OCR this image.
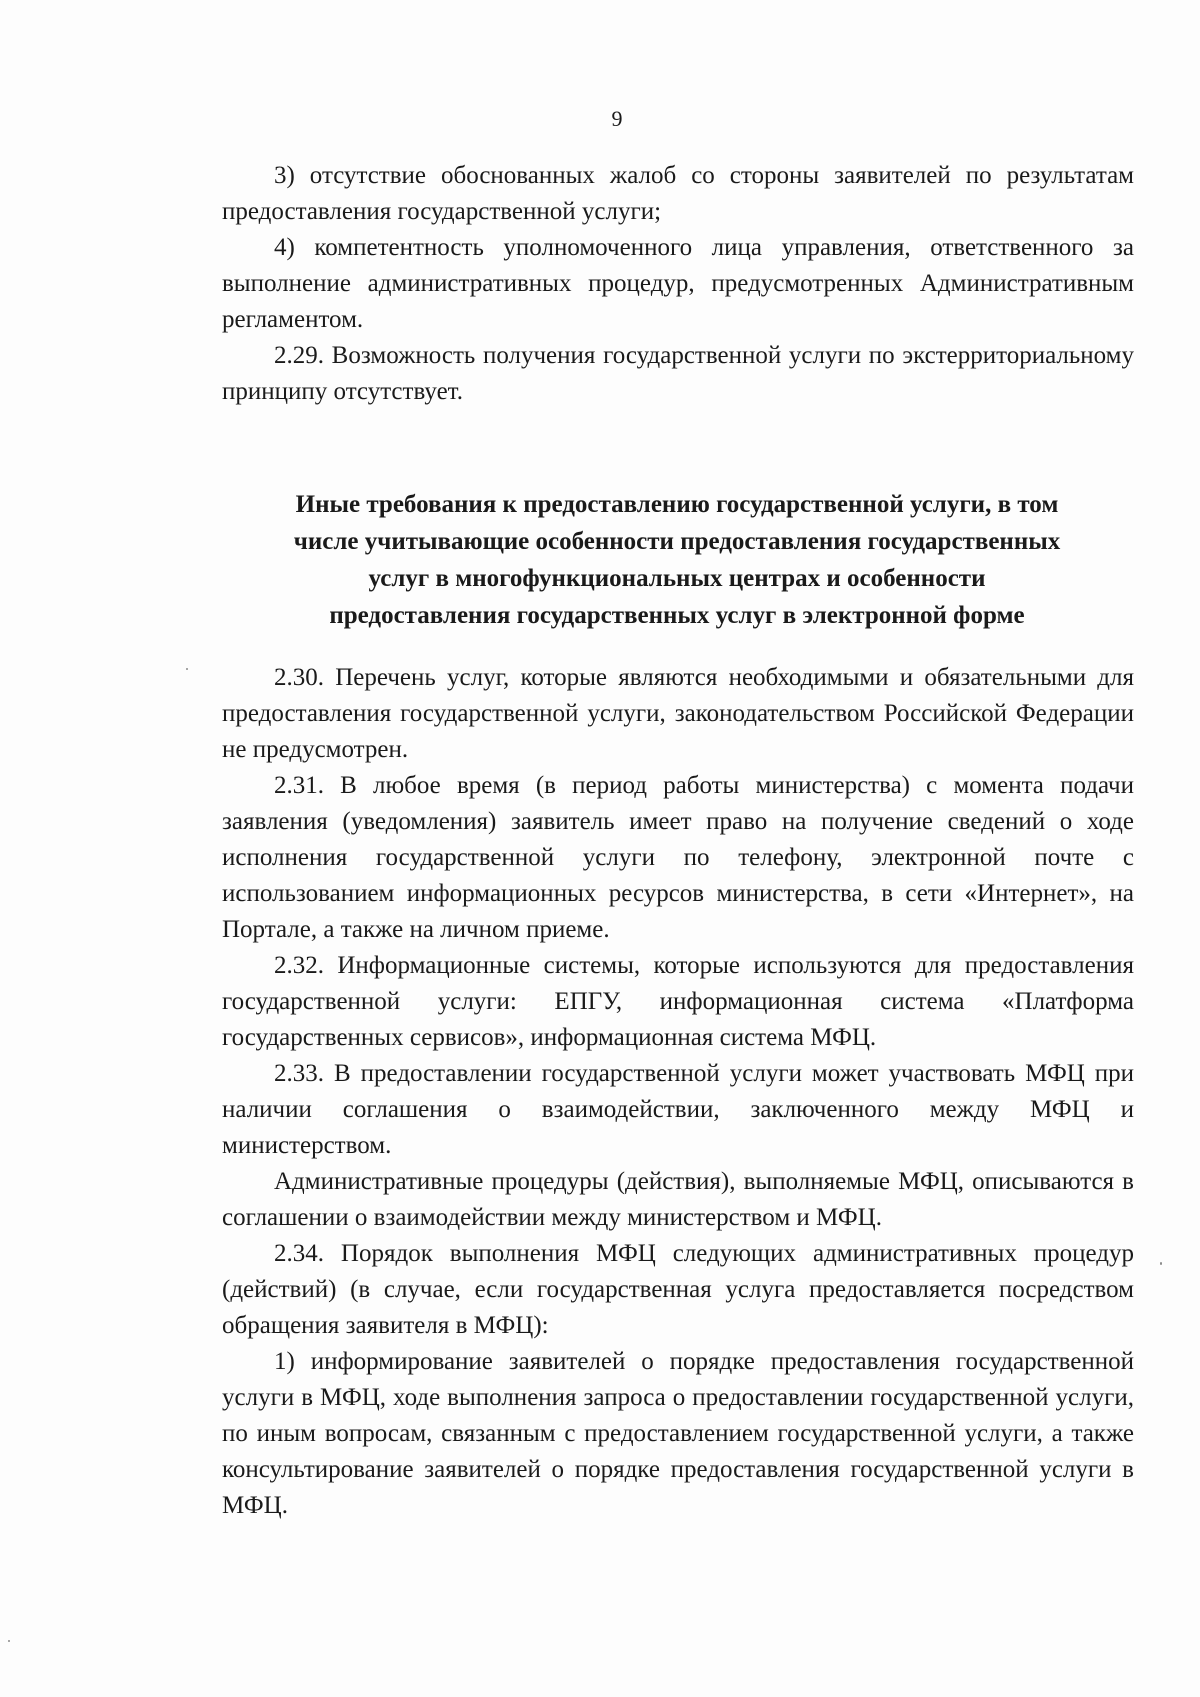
9

3) отсутствие обоснованных жалоб со стороны заявителей по результатам предоставления государственной услуги;

4) компетентность уполномоченного лица управления, ответственного за выполнение административных процедур, предусмотренных Административным регламентом.

2.29. Возможность получения государственной услуги по экстерриториальному принципу отсутствует.

Иные требования к предоставлению государственной услуги, в том
числе учитывающие особенности предоставления государственных
услуг в многофункциональных центрах и особенности
предоставления государственных услуг в электронной форме

2.30. Перечень услуг, которые являются необходимыми и обязательными для предоставления государственной услуги, законодательством Российской Федерации не предусмотрен.

2.31. В любое время (в период работы министерства) с момента подачи заявления (уведомления) заявитель имеет право на получение сведений о ходе исполнения государственной услуги по телефону, электронной почте с использованием информационных ресурсов министерства, в сети «Интернет», на Портале, а также на личном приеме.

2.32. Информационные системы, которые используются для предоставления государственной услуги: ЕПГУ, информационная система «Платформа государственных сервисов», информационная система МФЦ.

2.33. В предоставлении государственной услуги может участвовать МФЦ при наличии соглашения о взаимодействии, заключенного между МФЦ и министерством.

Административные процедуры (действия), выполняемые МФЦ, описываются в соглашении о взаимодействии между министерством и МФЦ.

2.34. Порядок выполнения МФЦ следующих административных процедур (действий) (в случае, если государственная услуга предоставляется посредством обращения заявителя в МФЦ):

1) информирование заявителей о порядке предоставления государственной услуги в МФЦ, ходе выполнения запроса о предоставлении государственной услуги, по иным вопросам, связанным с предоставлением государственной услуги, а также консультирование заявителей о порядке предоставления государственной услуги в МФЦ.
